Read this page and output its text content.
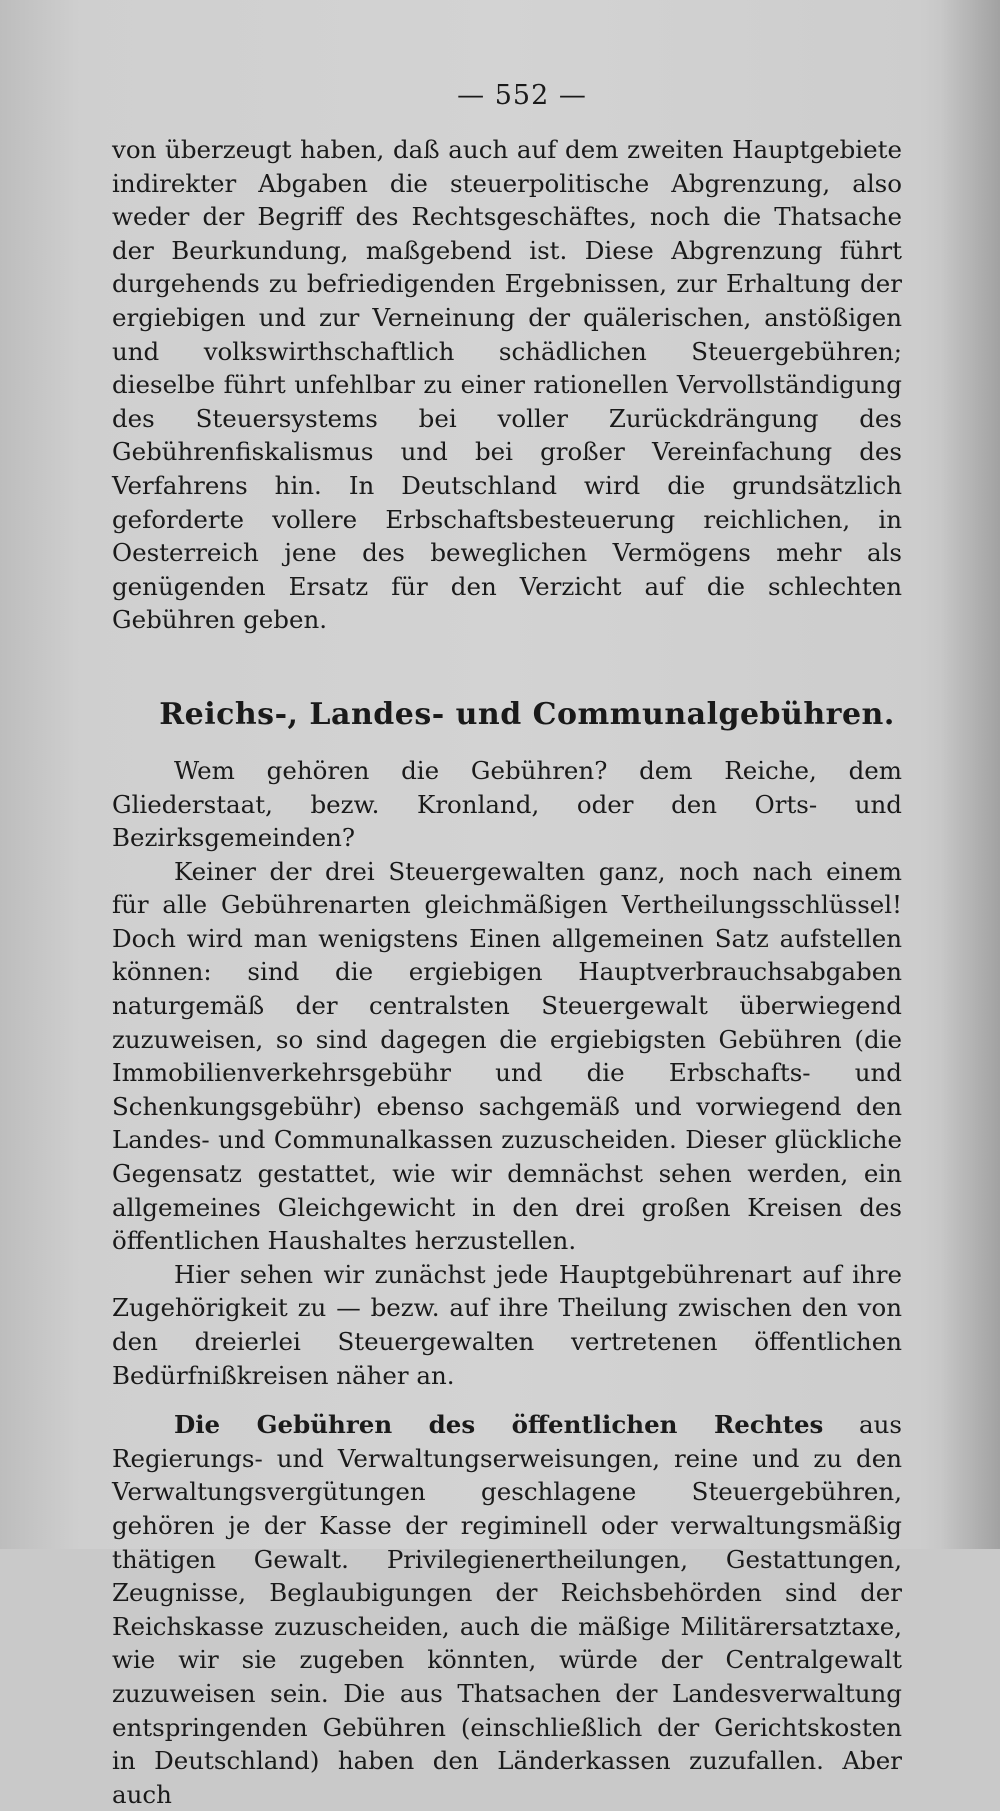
— 552 —

von überzeugt haben, daß auch auf dem zweiten Hauptgebiete indirekter Abgaben die steuerpolitische Abgrenzung, also weder der Begriff des Rechtsgeschäftes, noch die Thatsache der Beurkundung, maßgebend ist. Diese Abgrenzung führt durgehends zu befriedigenden Ergebnissen, zur Erhaltung der ergiebigen und zur Verneinung der quälerischen, anstößigen und volkswirthschaftlich schädlichen Steuergebühren; dieselbe führt unfehlbar zu einer rationellen Vervollständigung des Steuersystems bei voller Zurückdrängung des Gebührenfiskalismus und bei großer Vereinfachung des Verfahrens hin. In Deutschland wird die grundsätzlich geforderte vollere Erbschaftsbesteuerung reichlichen, in Oesterreich jene des beweglichen Vermögens mehr als genügenden Ersatz für den Verzicht auf die schlechten Gebühren geben.

Reichs-, Landes- und Communalgebühren.

Wem gehören die Gebühren? dem Reiche, dem Gliederstaat, bezw. Kronland, oder den Orts- und Bezirksgemeinden?

Keiner der drei Steuergewalten ganz, noch nach einem für alle Gebührenarten gleichmäßigen Vertheilungsschlüssel! Doch wird man wenigstens Einen allgemeinen Satz aufstellen können: sind die ergiebigen Hauptverbrauchsabgaben naturgemäß der centralsten Steuergewalt überwiegend zuzuweisen, so sind dagegen die ergiebigsten Gebühren (die Immobilienverkehrsgebühr und die Erbschafts- und Schenkungsgebühr) ebenso sachgemäß und vorwiegend den Landes- und Communalkassen zuzuscheiden. Dieser glückliche Gegensatz gestattet, wie wir demnächst sehen werden, ein allgemeines Gleichgewicht in den drei großen Kreisen des öffentlichen Haushaltes herzustellen.

Hier sehen wir zunächst jede Hauptgebührenart auf ihre Zugehörigkeit zu — bezw. auf ihre Theilung zwischen den von den dreierlei Steuergewalten vertretenen öffentlichen Bedürfnißkreisen näher an.

Die Gebühren des öffentlichen Rechtes aus Regierungs- und Verwaltungserweisungen, reine und zu den Verwaltungsvergütungen geschlagene Steuergebühren, gehören je der Kasse der regiminell oder verwaltungsmäßig thätigen Gewalt. Privilegienertheilungen, Gestattungen, Zeugnisse, Beglaubigungen der Reichsbehörden sind der Reichskasse zuzuscheiden, auch die mäßige Militärersatztaxe, wie wir sie zugeben könnten, würde der Centralgewalt zuzuweisen sein. Die aus Thatsachen der Landesverwaltung entspringenden Gebühren (einschließlich der Gerichtskosten in Deutschland) haben den Länderkassen zuzufallen. Aber auch
